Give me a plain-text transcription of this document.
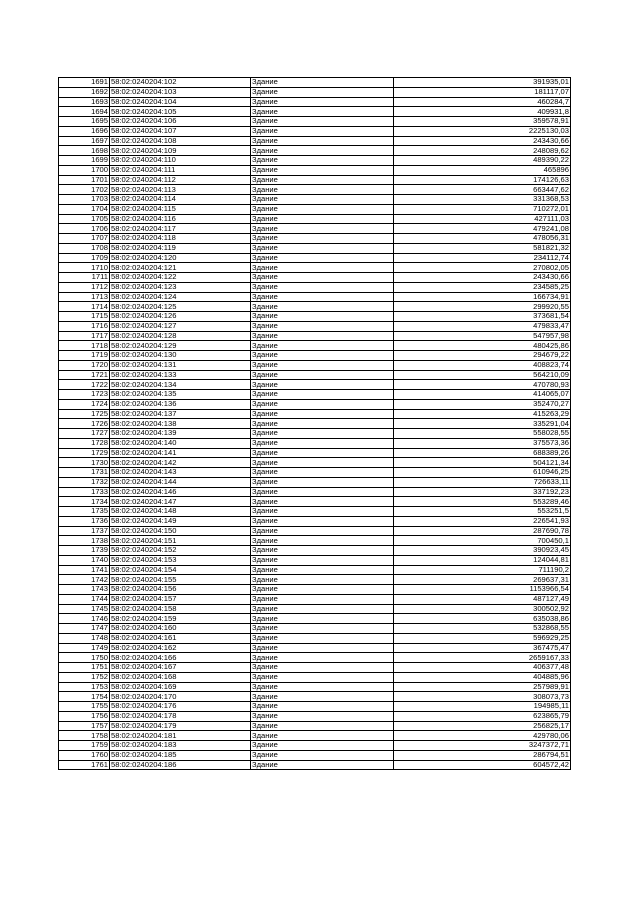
1691	58:02:0240204:102	Здание	391935,01
1692	58:02:0240204:103	Здание	181117,07
1693	58:02:0240204:104	Здание	460284,7
1694	58:02:0240204:105	Здание	409931,8
1695	58:02:0240204:106	Здание	359578,91
1696	58:02:0240204:107	Здание	2225130,03
1697	58:02:0240204:108	Здание	243430,66
1698	58:02:0240204:109	Здание	248089,62
1699	58:02:0240204:110	Здание	489390,22
1700	58:02:0240204:111	Здание	465896
1701	58:02:0240204:112	Здание	174126,63
1702	58:02:0240204:113	Здание	663447,62
1703	58:02:0240204:114	Здание	331368,53
1704	58:02:0240204:115	Здание	710272,01
1705	58:02:0240204:116	Здание	427111,03
1706	58:02:0240204:117	Здание	479241,08
1707	58:02:0240204:118	Здание	478056,31
1708	58:02:0240204:119	Здание	581821,32
1709	58:02:0240204:120	Здание	234112,74
1710	58:02:0240204:121	Здание	270802,05
1711	58:02:0240204:122	Здание	243430,66
1712	58:02:0240204:123	Здание	234585,25
1713	58:02:0240204:124	Здание	166734,91
1714	58:02:0240204:125	Здание	299920,55
1715	58:02:0240204:126	Здание	373681,54
1716	58:02:0240204:127	Здание	479833,47
1717	58:02:0240204:128	Здание	547957,98
1718	58:02:0240204:129	Здание	480425,86
1719	58:02:0240204:130	Здание	294679,22
1720	58:02:0240204:131	Здание	408823,74
1721	58:02:0240204:133	Здание	564210,09
1722	58:02:0240204:134	Здание	470780,93
1723	58:02:0240204:135	Здание	414065,07
1724	58:02:0240204:136	Здание	352470,27
1725	58:02:0240204:137	Здание	415263,29
1726	58:02:0240204:138	Здание	335291,04
1727	58:02:0240204:139	Здание	558028,55
1728	58:02:0240204:140	Здание	375573,36
1729	58:02:0240204:141	Здание	688389,26
1730	58:02:0240204:142	Здание	504121,34
1731	58:02:0240204:143	Здание	610946,25
1732	58:02:0240204:144	Здание	726633,11
1733	58:02:0240204:146	Здание	337192,23
1734	58:02:0240204:147	Здание	553289,46
1735	58:02:0240204:148	Здание	553251,5
1736	58:02:0240204:149	Здание	226541,93
1737	58:02:0240204:150	Здание	287690,78
1738	58:02:0240204:151	Здание	700450,1
1739	58:02:0240204:152	Здание	390923,45
1740	58:02:0240204:153	Здание	124044,81
1741	58:02:0240204:154	Здание	711190,2
1742	58:02:0240204:155	Здание	269637,31
1743	58:02:0240204:156	Здание	1153966,54
1744	58:02:0240204:157	Здание	487127,49
1745	58:02:0240204:158	Здание	300502,92
1746	58:02:0240204:159	Здание	635038,86
1747	58:02:0240204:160	Здание	532868,55
1748	58:02:0240204:161	Здание	596929,25
1749	58:02:0240204:162	Здание	367475,47
1750	58:02:0240204:166	Здание	2659167,33
1751	58:02:0240204:167	Здание	406377,48
1752	58:02:0240204:168	Здание	404885,96
1753	58:02:0240204:169	Здание	257989,91
1754	58:02:0240204:170	Здание	308073,73
1755	58:02:0240204:176	Здание	194985,11
1756	58:02:0240204:178	Здание	623865,79
1757	58:02:0240204:179	Здание	256825,17
1758	58:02:0240204:181	Здание	429780,06
1759	58:02:0240204:183	Здание	3247372,71
1760	58:02:0240204:185	Здание	286794,51
1761	58:02:0240204:186	Здание	604572,42
